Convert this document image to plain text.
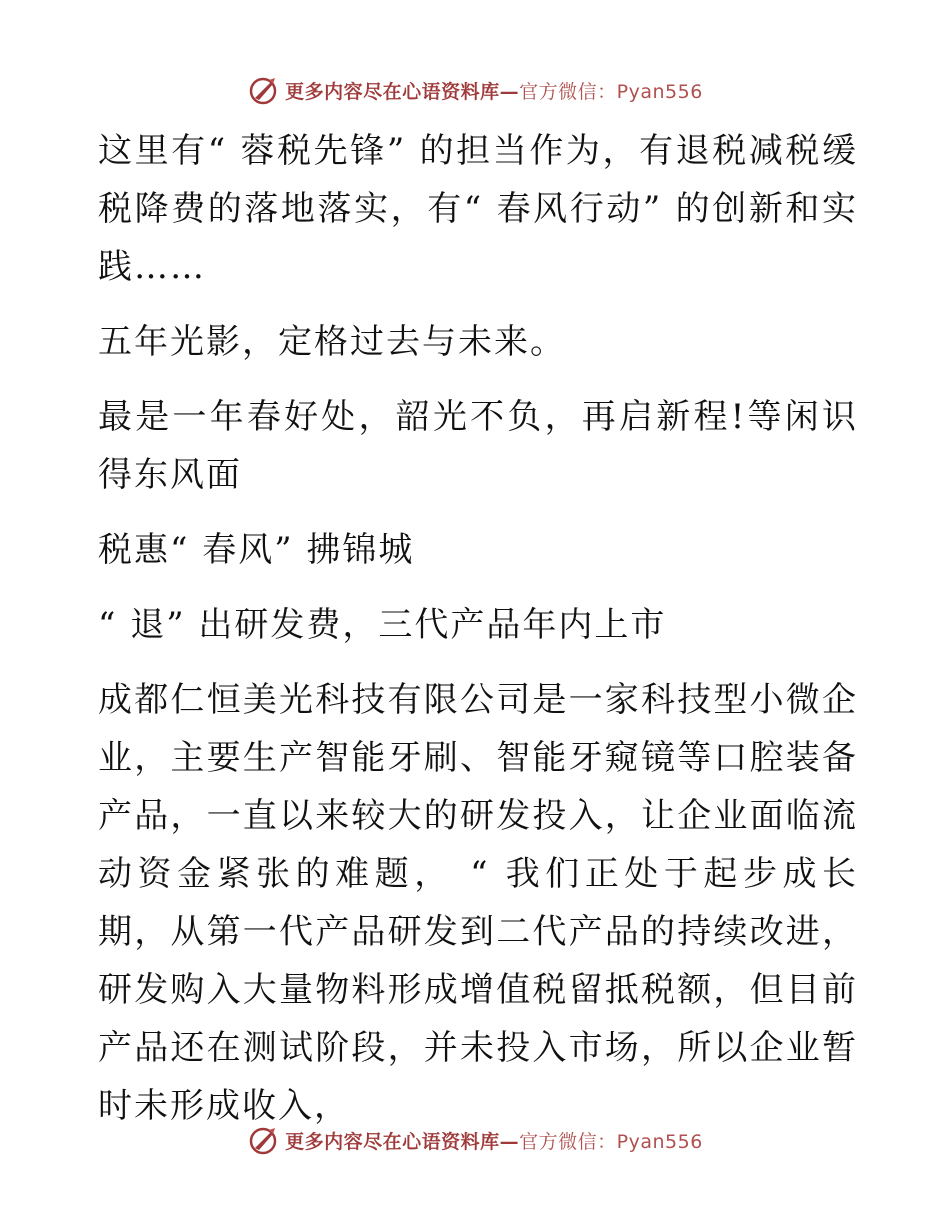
更多内容尽在心语资料库—官方微信：Pyan556

这里有“ 蓉税先锋” 的担当作为，有退税减税缓税降费的落地落实，有“ 春风行动” 的创新和实践……

五年光影，定格过去与未来。

最是一年春好处，韶光不负，再启新程!等闲识得东风面

税惠“ 春风” 拂锦城

“ 退” 出研发费，三代产品年内上市

成都仁恒美光科技有限公司是一家科技型小微企业，主要生产智能牙刷、智能牙窥镜等口腔装备产品，一直以来较大的研发投入，让企业面临流动资金紧张的难题， “ 我们正处于起步成长期，从第一代产品研发到二代产品的持续改进，研发购入大量物料形成增值税留抵税额，但目前产品还在测试阶段，并未投入市场，所以企业暂时未形成收入，

更多内容尽在心语资料库—官方微信：Pyan556
